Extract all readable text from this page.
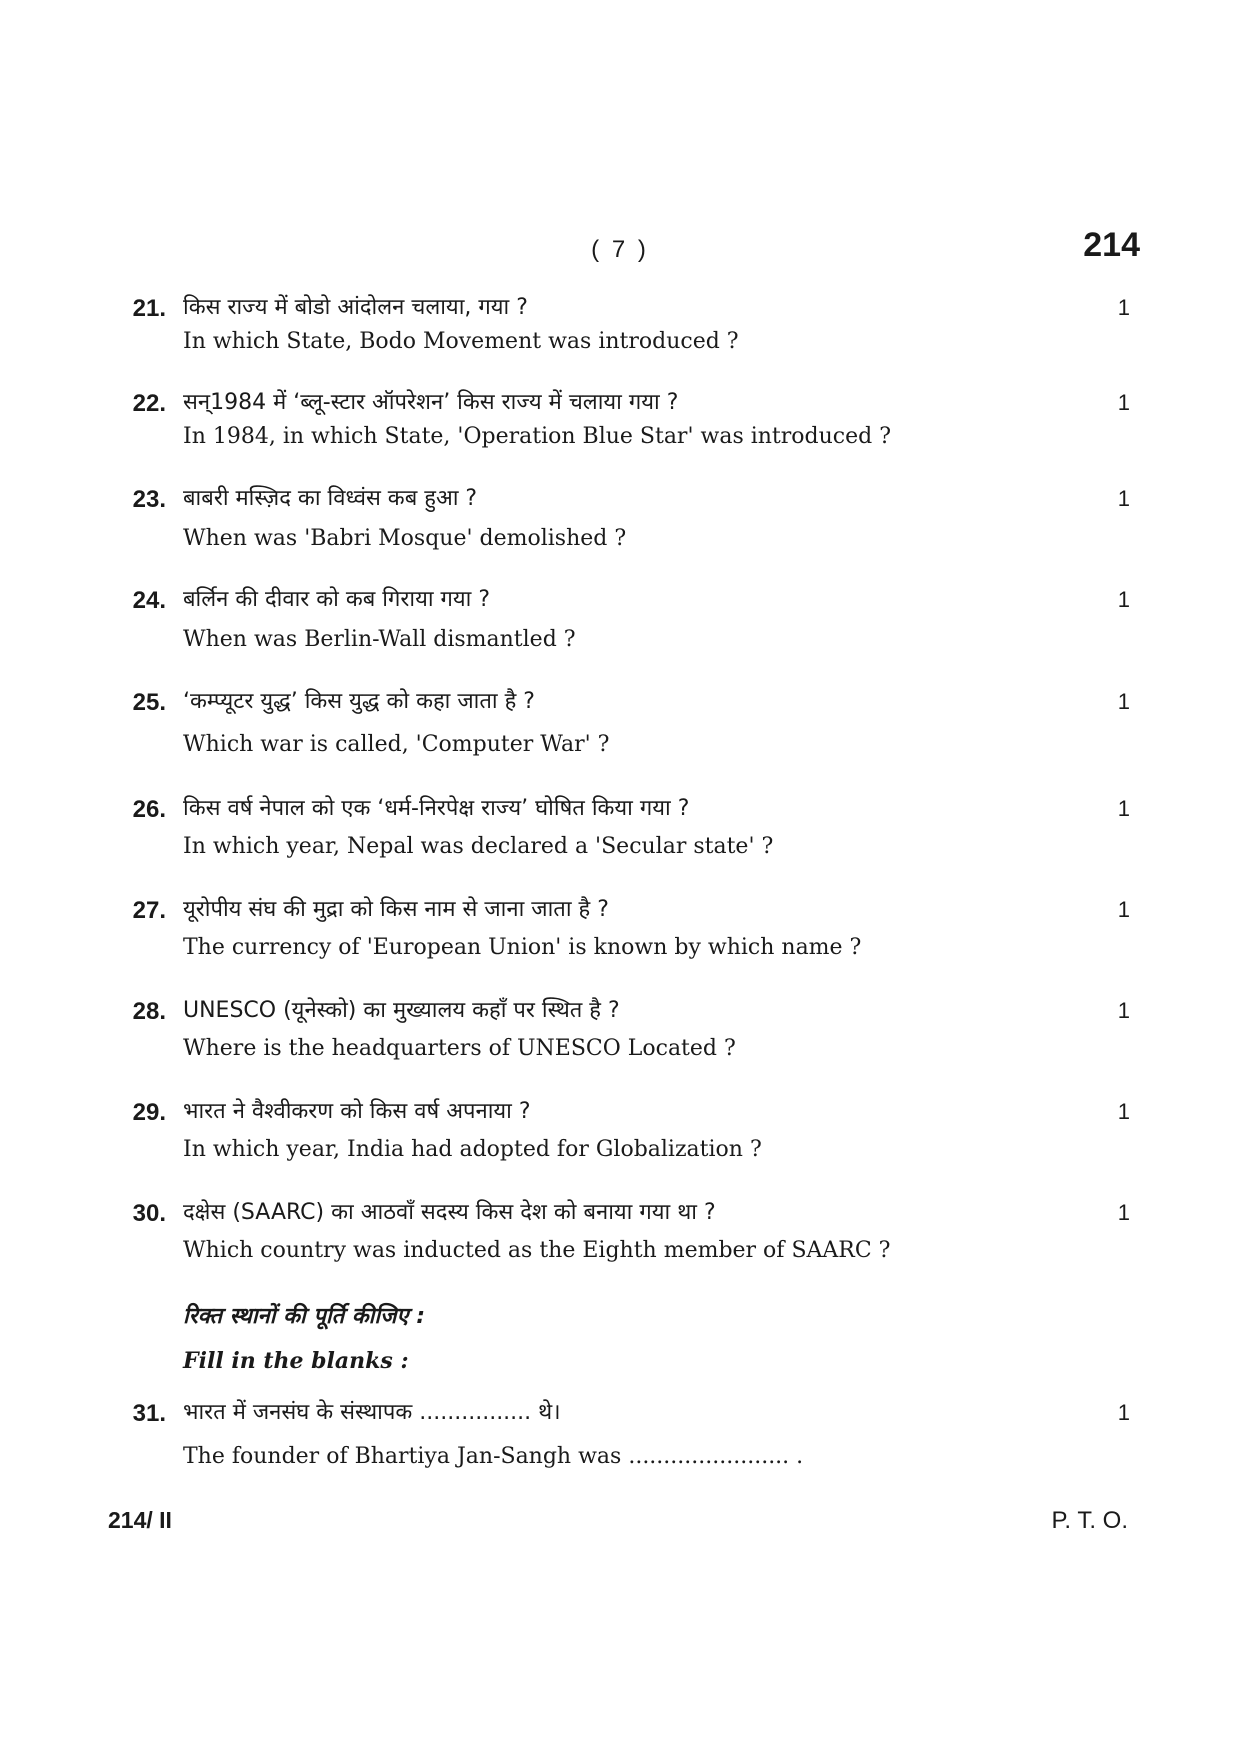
( 7 )	214
21. किस राज्य में बोडो आंदोलन चलाया, गया ?
In which State, Bodo Movement was introduced ?
1
22. सन्1984 में ‘ब्लू-स्टार ऑपरेशन’ किस राज्य में चलाया गया ?
In 1984, in which State, 'Operation Blue Star' was introduced ?
1
23. बाबरी मस्ज़िद का विध्वंस कब हुआ ?
When was 'Babri Mosque' demolished ?
1
24. बर्लिन की दीवार को कब गिराया गया ?
When was Berlin-Wall dismantled ?
1
25. ‘कम्प्यूटर युद्ध’ किस युद्ध को कहा जाता है ?
Which war is called, 'Computer War' ?
1
26. किस वर्ष नेपाल को एक ‘धर्म-निरपेक्ष राज्य’ घोषित किया गया ?
In which year, Nepal was declared a 'Secular state' ?
1
27. यूरोपीय संघ की मुद्रा को किस नाम से जाना जाता है ?
The currency of 'European Union' is known by which name ?
1
28. UNESCO (यूनेस्को) का मुख्यालय कहाँ पर स्थित है ?
Where is the headquarters of UNESCO Located ?
1
29. भारत ने वैश्वीकरण को किस वर्ष अपनाया ?
In which year, India had adopted for Globalization ?
1
30. दक्षेस (SAARC) का आठवाँ सदस्य किस देश को बनाया गया था ?
Which country was inducted as the Eighth member of SAARC ?
1
रिक्त स्थानों की पूर्ति कीजिए :
Fill in the blanks :
31. भारत में जनसंघ के संस्थापक ................ थे।
The founder of Bhartiya Jan-Sangh was ....................... .
1
214/ II	P. T. O.
